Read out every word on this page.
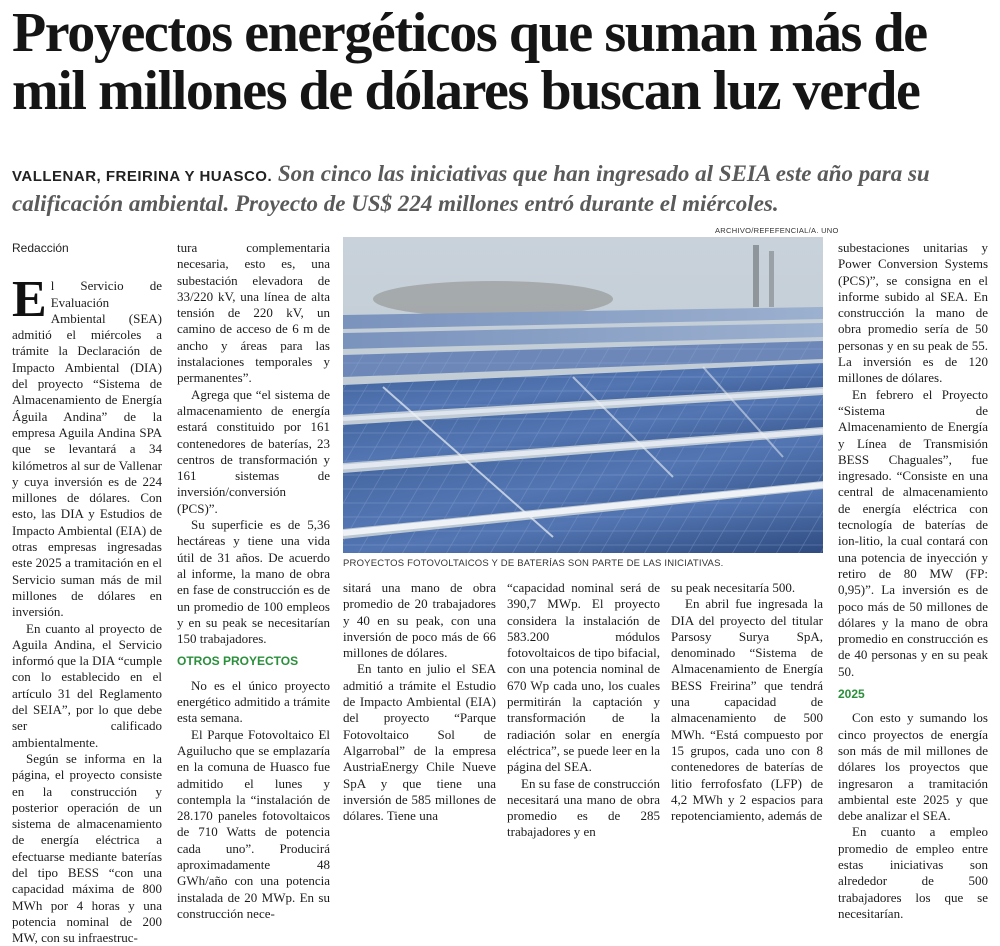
Proyectos energéticos que suman más de mil millones de dólares buscan luz verde
VALLENAR, FREIRINA Y HUASCO. Son cinco las iniciativas que han ingresado al SEIA este año para su calificación ambiental. Proyecto de US$ 224 millones entró durante el miércoles.
Redacción

El Servicio de Evaluación Ambiental (SEA) admitió el miércoles a trámite la Declaración de Impacto Ambiental (DIA) del proyecto “Sistema de Almacenamiento de Energía Águila Andina” de la empresa Aguila Andina SPA que se levantará a 34 kilómetros al sur de Vallenar y cuya inversión es de 224 millones de dólares. Con esto, las DIA y Estudios de Impacto Ambiental (EIA) de otras empresas ingresadas este 2025 a tramitación en el Servicio suman más de mil millones de dólares en inversión.

En cuanto al proyecto de Aguila Andina, el Servicio informó que la DIA “cumple con lo establecido en el artículo 31 del Reglamento del SEIA”, por lo que debe ser calificado ambientalmente.

Según se informa en la página, el proyecto consiste en la construcción y posterior operación de un sistema de almacenamiento de energía eléctrica a efectuarse mediante baterías del tipo BESS “con una capacidad máxima de 800 MWh por 4 horas y una potencia nominal de 200 MW, con su infraestruc-

tura complementaria necesaria, esto es, una subestación elevadora de 33/220 kV, una línea de alta tensión de 220 kV, un camino de acceso de 6 m de ancho y áreas para las instalaciones temporales y permanentes”.

Agrega que “el sistema de almacenamiento de energía estará constituido por 161 contenedores de baterías, 23 centros de transformación y 161 sistemas de inversión/conversión (PCS)”.

Su superficie es de 5,36 hectáreas y tiene una vida útil de 31 años. De acuerdo al informe, la mano de obra en fase de construcción es de un promedio de 100 empleos y en su peak se necesitarían 150 trabajadores.

OTROS PROYECTOS

No es el único proyecto energético admitido a trámite esta semana.

El Parque Fotovoltaico El Aguilucho que se emplazaría en la comuna de Huasco fue admitido el lunes y contempla la “instalación de 28.170 paneles fotovoltaicos de 710 Watts de potencia cada uno”. Producirá aproximadamente 48 GWh/año con una potencia instalada de 20 MWp. En su construcción nece-

ARCHIVO/REFEFENCIAL/A. UNO
PROYECTOS FOTOVOLTAICOS Y DE BATERÍAS SON PARTE DE LAS INICIATIVAS.

sitará una mano de obra promedio de 20 trabajadores y 40 en su peak, con una inversión de poco más de 66 millones de dólares.

En tanto en julio el SEA admitió a trámite el Estudio de Impacto Ambiental (EIA) del proyecto “Parque Fotovoltaico Sol de Algarrobal” de la empresa AustriaEnergy Chile Nueve SpA y que tiene una inversión de 585 millones de dólares. Tiene una

“capacidad nominal será de 390,7 MWp. El proyecto considera la instalación de 583.200 módulos fotovoltaicos de tipo bifacial, con una potencia nominal de 670 Wp cada uno, los cuales permitirán la captación y transformación de la radiación solar en energía eléctrica”, se puede leer en la página del SEA.

En su fase de construcción necesitará una mano de obra promedio es de 285 trabajadores y en

su peak necesitaría 500.

En abril fue ingresada la DIA del proyecto del titular Parsosy Surya SpA, denominado “Sistema de Almacenamiento de Energía BESS Freirina” que tendrá una capacidad de almacenamiento de 500 MWh. “Está compuesto por 15 grupos, cada uno con 8 contenedores de baterías de litio ferrofosfato (LFP) de 4,2 MWh y 2 espacios para repotenciamiento, además de

subestaciones unitarias y Power Conversion Systems (PCS)”, se consigna en el informe subido al SEA. En construcción la mano de obra promedio sería de 50 personas y en su peak de 55. La inversión es de 120 millones de dólares.

En febrero el Proyecto “Sistema de Almacenamiento de Energía y Línea de Transmisión BESS Chaguales”, fue ingresado. “Consiste en una central de almacenamiento de energía eléctrica con tecnología de baterías de ion-litio, la cual contará con una potencia de inyección y retiro de 80 MW (FP: 0,95)”. La inversión es de poco más de 50 millones de dólares y la mano de obra promedio en construcción es de 40 personas y en su peak 50.

2025

Con esto y sumando los cinco proyectos de energía son más de mil millones de dólares los proyectos que ingresaron a tramitación ambiental este 2025 y que debe analizar el SEA.

En cuanto a empleo promedio de empleo entre estas iniciativas son alrededor de 500 trabajadores los que se necesitarían.
